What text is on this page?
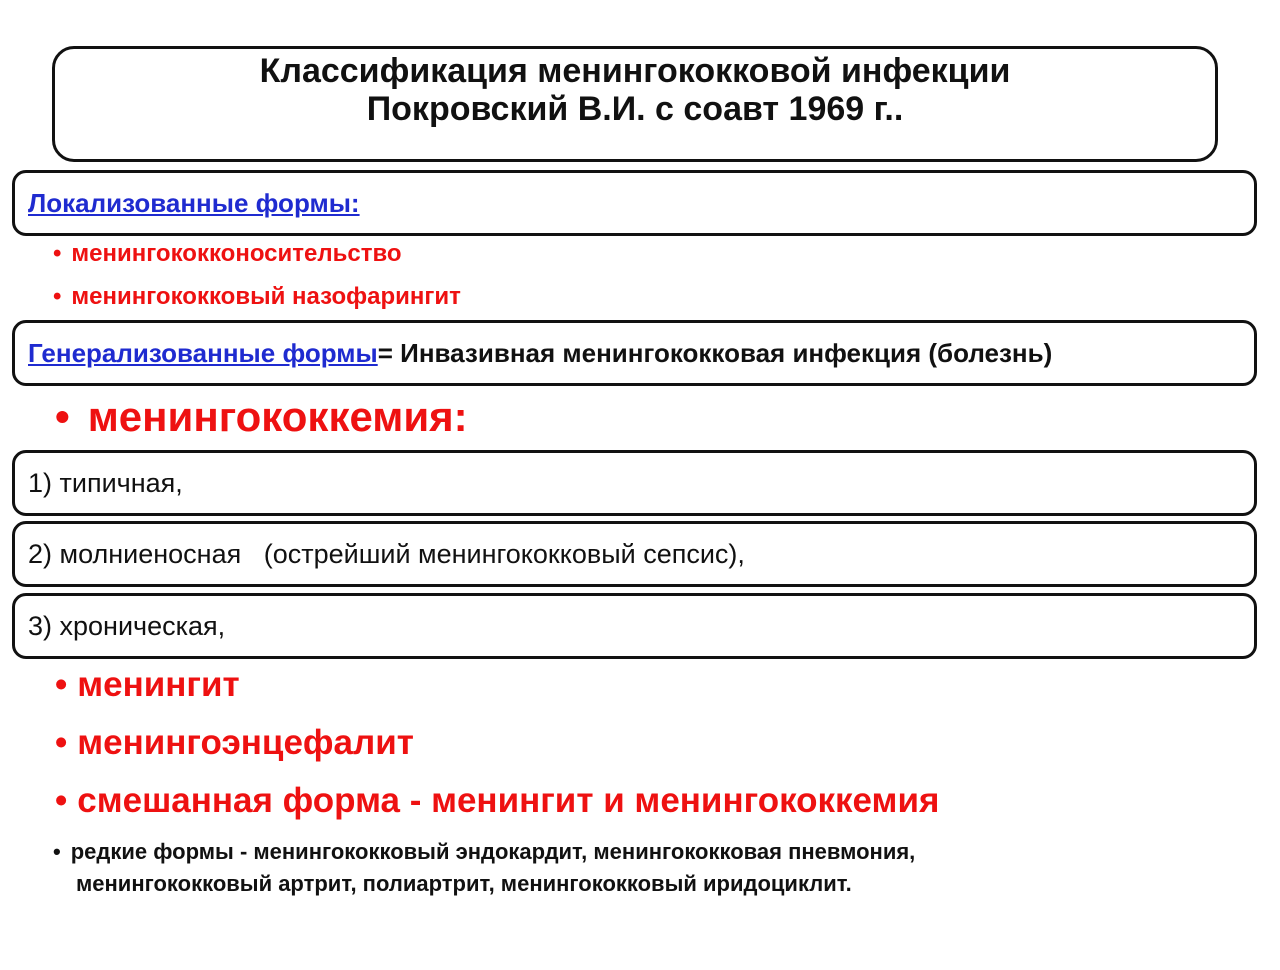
Классификация менингококковой инфекции
Покровский В.И. с соавт 1969 г..
Локализованные формы:
• менингококконосительство
• менингококковый назофарингит
Генерализованные формы= Инвазивная менингококковая инфекция (болезнь)
• менингококкемия:
1) типичная,
2) молниеносная   (острейший менингококковый сепсис),
3) хроническая,
• менингит
• менингоэнцефалит
• смешанная форма - менингит и менингококкемия
• редкие формы - менингококковый эндокардит, менингококковая пневмония,
менингококковый артрит, полиартрит, менингококковый иридоциклит.
